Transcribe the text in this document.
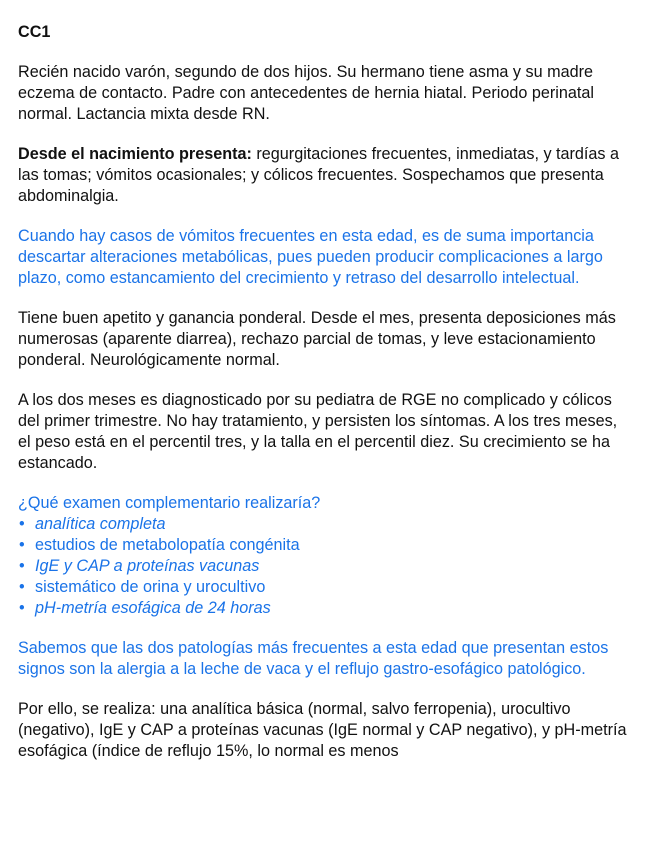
CC1

Recién nacido varón, segundo de dos hijos. Su hermano tiene asma y su madre eczema de contacto. Padre con antecedentes de hernia hiatal. Periodo perinatal normal. Lactancia mixta desde RN.

Desde el nacimiento presenta: regurgitaciones frecuentes, inmediatas, y tardías a las tomas; vómitos ocasionales; y cólicos frecuentes. Sospechamos que presenta abdominalgia.

Cuando hay casos de vómitos frecuentes en esta edad, es de suma importancia descartar alteraciones metabólicas, pues pueden producir complicaciones a largo plazo, como estancamiento del crecimiento y retraso del desarrollo intelectual.

Tiene buen apetito y ganancia ponderal. Desde el mes, presenta deposiciones más numerosas (aparente diarrea), rechazo parcial de tomas, y leve estacionamiento ponderal. Neurológicamente normal.

A los dos meses es diagnosticado por su pediatra de RGE no complicado y cólicos del primer trimestre. No hay tratamiento, y persisten los síntomas. A los tres meses, el peso está en el percentil tres, y la talla en el percentil diez. Su crecimiento se ha estancado.

¿Qué examen complementario realizaría?
• analítica completa
• estudios de metabolopatía congénita
• IgE y CAP a proteínas vacunas
• sistemático de orina y urocultivo
• pH-metría esofágica de 24 horas

Sabemos que las dos patologías más frecuentes a esta edad que presentan estos signos son la alergia a la leche de vaca y el reflujo gastro-esofágico patológico.

Por ello, se realiza: una analítica básica (normal, salvo ferropenia), urocultivo (negativo), IgE y CAP a proteínas vacunas (IgE normal y CAP negativo), y pH-metría esofágica (índice de reflujo 15%, lo normal es menos
